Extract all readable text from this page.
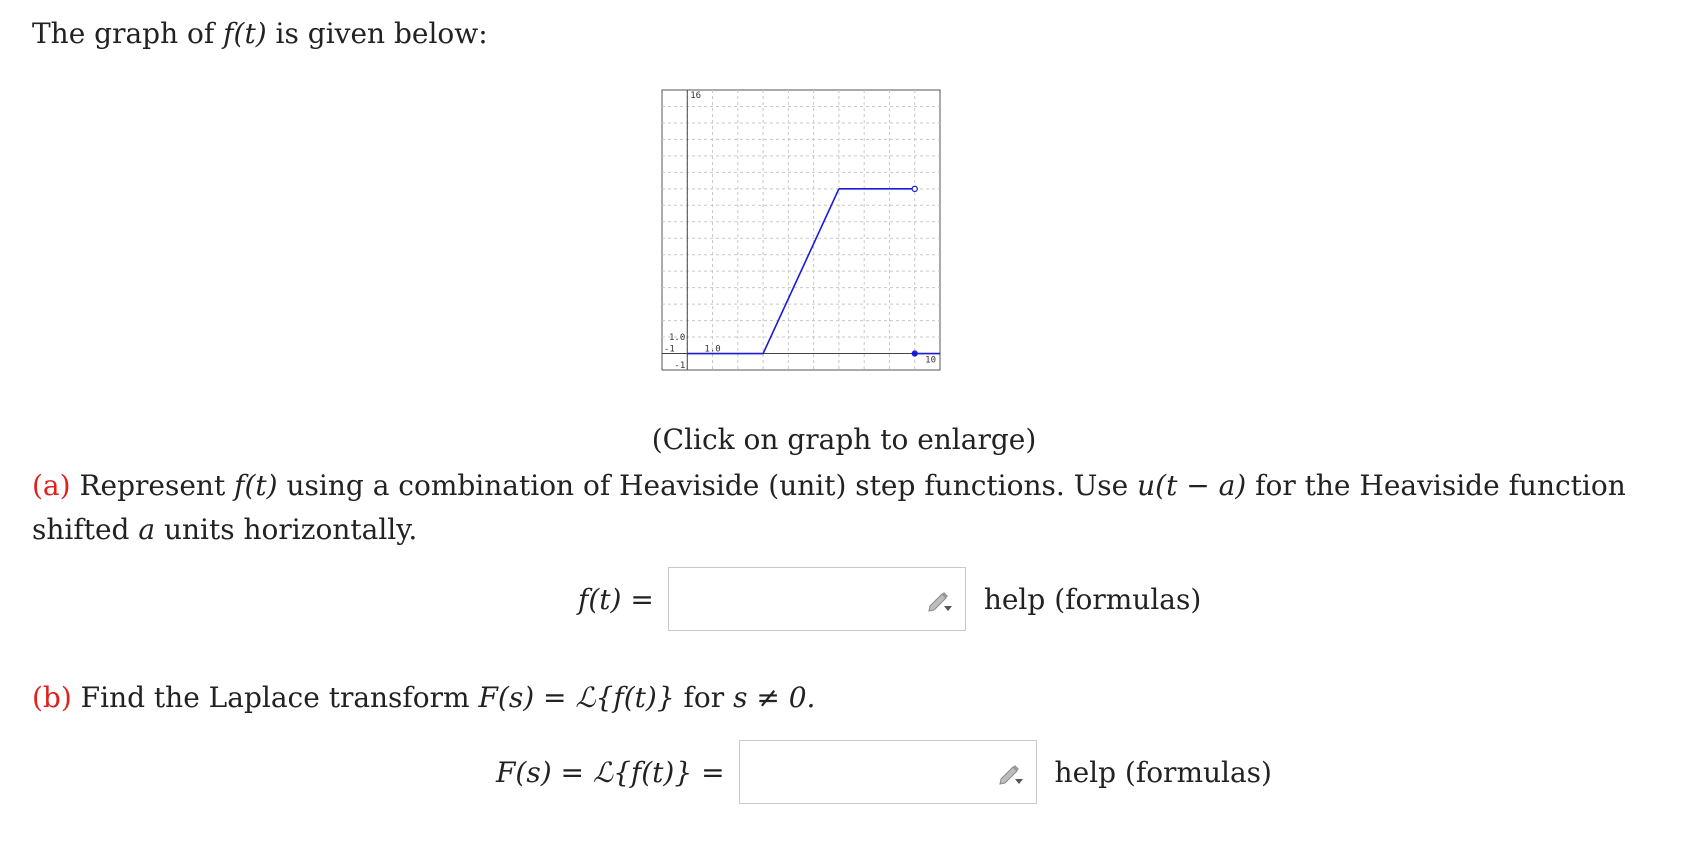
The graph of f(t) is given below:
16
1.0
1.0
-1
-1
10
(Click on graph to enlarge)
(a) Represent f(t) using a combination of Heaviside (unit) step functions. Use u(t − a) for the Heaviside function shifted a units horizontally.
f(t) =	help (formulas)
(b) Find the Laplace transform F(s) = ℒ{f(t)} for s ≠ 0.
F(s) = ℒ{f(t)} =	help (formulas)
